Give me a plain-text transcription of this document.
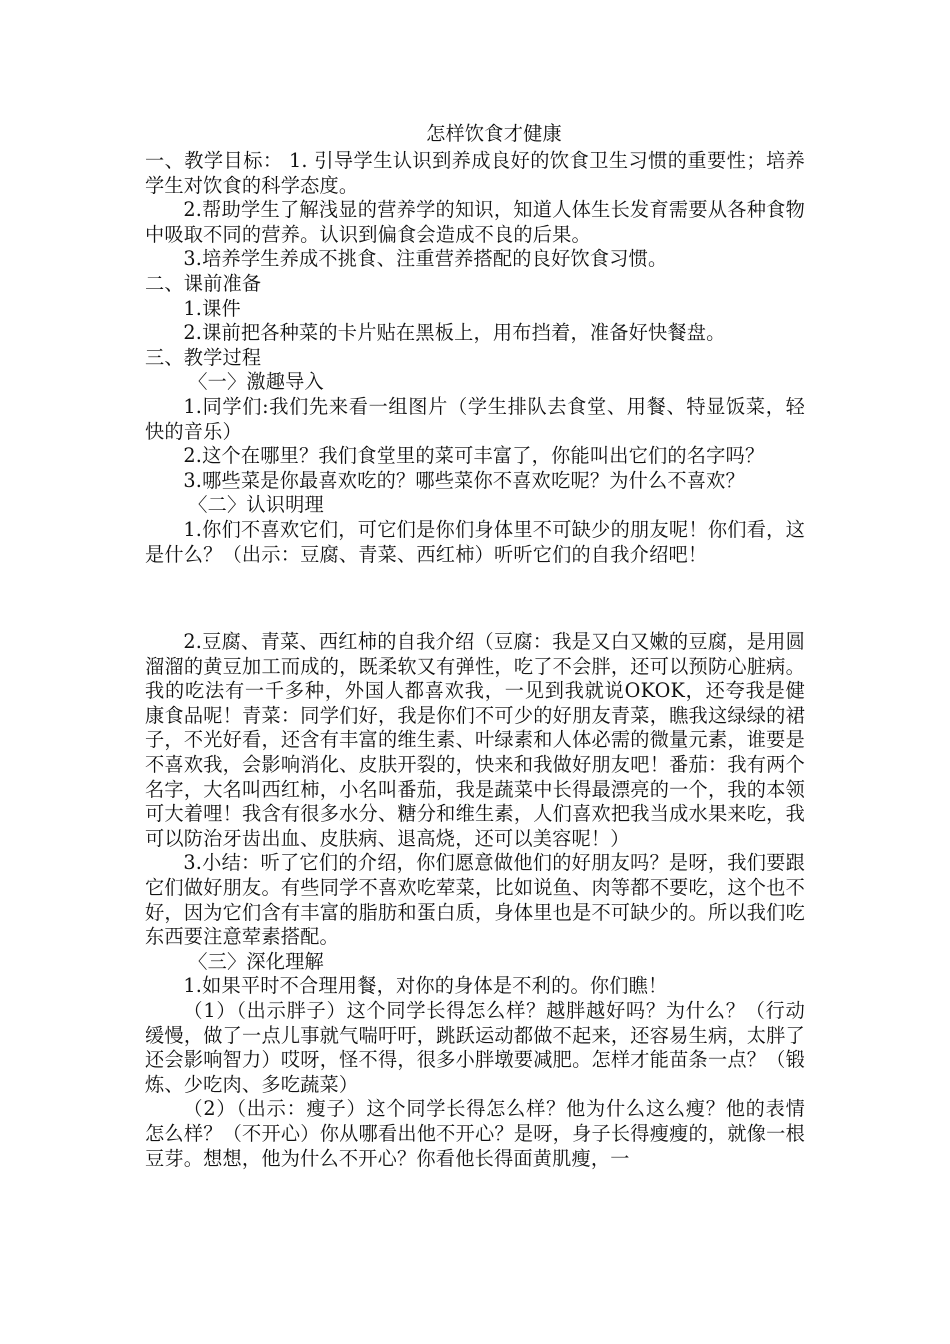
怎样饮食才健康

一、教学目标： 1. 引导学生认识到养成良好的饮食卫生习惯的重要性；培养学生对饮食的科学态度。

2.帮助学生了解浅显的营养学的知识，知道人体生长发育需要从各种食物中吸取不同的营养。认识到偏食会造成不良的后果。

3.培养学生养成不挑食、注重营养搭配的良好饮食习惯。

二、课前准备

1.课件

2.课前把各种菜的卡片贴在黑板上，用布挡着，准备好快餐盘。

三、教学过程

〈一〉激趣导入

1.同学们:我们先来看一组图片（学生排队去食堂、用餐、特显饭菜，轻快的音乐）

2.这个在哪里？我们食堂里的菜可丰富了，你能叫出它们的名字吗？

3.哪些菜是你最喜欢吃的？哪些菜你不喜欢吃呢？为什么不喜欢？

〈二〉认识明理

1.你们不喜欢它们，可它们是你们身体里不可缺少的朋友呢！你们看，这是什么？（出示：豆腐、青菜、西红柿）听听它们的自我介绍吧！

2.豆腐、青菜、西红柿的自我介绍（豆腐：我是又白又嫩的豆腐，是用圆溜溜的黄豆加工而成的，既柔软又有弹性，吃了不会胖，还可以预防心脏病。我的吃法有一千多种，外国人都喜欢我，一见到我就说OKOK，还夸我是健康食品呢！青菜：同学们好，我是你们不可少的好朋友青菜，瞧我这绿绿的裙子，不光好看，还含有丰富的维生素、叶绿素和人体必需的微量元素，谁要是不喜欢我，会影响消化、皮肤开裂的，快来和我做好朋友吧！番茄：我有两个名字，大名叫西红柿，小名叫番茄，我是蔬菜中长得最漂亮的一个，我的本领可大着哩！我含有很多水分、糖分和维生素，人们喜欢把我当成水果来吃，我可以防治牙齿出血、皮肤病、退高烧，还可以美容呢！）

3.小结：听了它们的介绍，你们愿意做他们的好朋友吗？是呀，我们要跟它们做好朋友。有些同学不喜欢吃荤菜，比如说鱼、肉等都不要吃，这个也不好，因为它们含有丰富的脂肪和蛋白质，身体里也是不可缺少的。所以我们吃东西要注意荤素搭配。

〈三〉深化理解

1.如果平时不合理用餐，对你的身体是不利的。你们瞧！

（1）（出示胖子）这个同学长得怎么样？越胖越好吗？为什么？（行动缓慢，做了一点儿事就气喘吁吁，跳跃运动都做不起来，还容易生病，太胖了还会影响智力）哎呀，怪不得，很多小胖墩要减肥。怎样才能苗条一点？（锻炼、少吃肉、多吃蔬菜）

（2）（出示：瘦子）这个同学长得怎么样？他为什么这么瘦？他的表情怎么样？（不开心）你从哪看出他不开心？是呀，身子长得瘦瘦的，就像一根豆芽。想想，他为什么不开心？你看他长得面黄肌瘦，一
